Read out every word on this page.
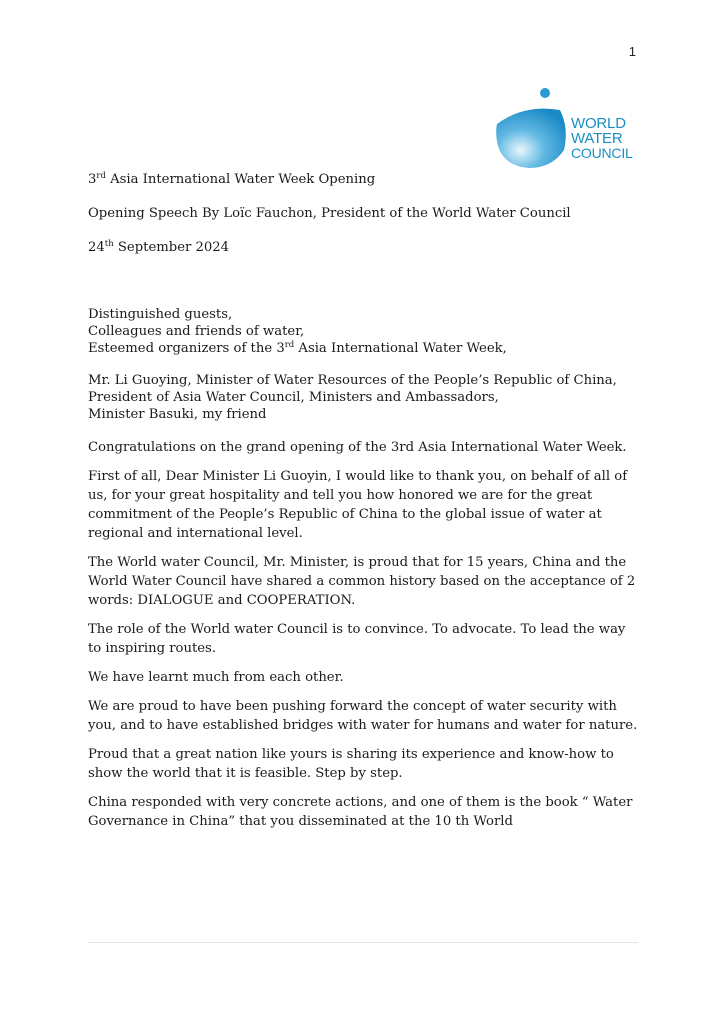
1
WORLD
WATER
COUNCIL

3rd Asia International Water Week Opening

Opening Speech By Loïc Fauchon, President of the World Water Council

24th September 2024

Distinguished guests,
Colleagues and friends of water,
Esteemed organizers of the 3rd Asia International Water Week,

Mr. Li Guoying, Minister of Water Resources of the People’s Republic of China,
President of Asia Water Council, Ministers and Ambassadors,
Minister Basuki, my friend

Congratulations on the grand opening of the 3rd Asia International Water Week.

First of all, Dear Minister Li Guoyin, I would like to thank you, on behalf of all of us, for your great hospitality and tell you how honored we are for the great commitment of the People’s Republic of China to the global issue of water at regional and international level.

The World water Council, Mr. Minister, is proud that for 15 years, China and the World Water Council have shared a common history based on the acceptance of 2 words: DIALOGUE and COOPERATION.

The role of the World water Council is to convince. To advocate. To lead the way to inspiring routes.

We have learnt much from each other.

We are proud to have been pushing forward the concept of water security with you, and to have established bridges with water for humans and water for nature.

Proud that a great nation like yours is sharing its experience and know-how to show the world that it is feasible. Step by step.

China responded with very concrete actions, and one of them is the book “ Water Governance in China” that you disseminated at the 10 th World
